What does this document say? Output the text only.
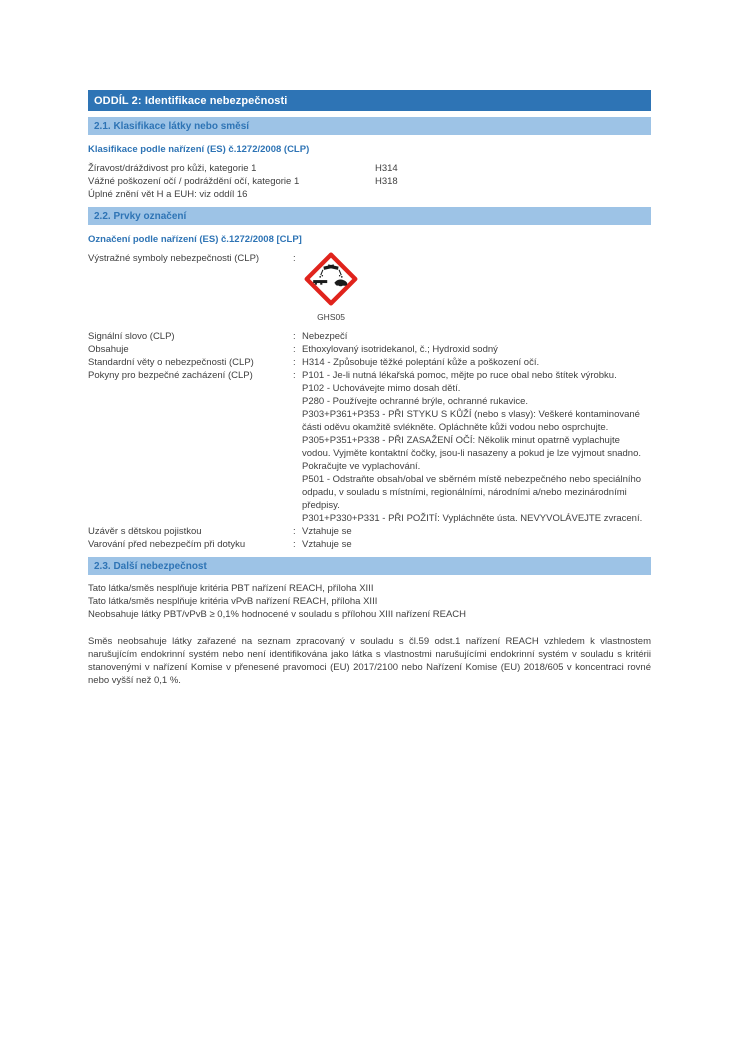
ODDÍL 2: Identifikace nebezpečnosti
2.1. Klasifikace látky nebo směsí
Klasifikace podle nařízení (ES) č.1272/2008 (CLP)
Žíravost/dráždivost pro kůži, kategorie 1	H314
Vážné poškození očí / podráždění očí, kategorie 1	H318
Úplné znění vět H a EUH: viz oddíl 16
2.2. Prvky označení
Označení podle nařízení (ES) č.1272/2008 [CLP]
Výstražné symboly nebezpečnosti (CLP)	:
GHS05
Signální slovo (CLP)	: Nebezpečí
Obsahuje	: Ethoxylovaný isotridekanol, č.; Hydroxid sodný
Standardní věty o nebezpečnosti (CLP)	: H314 - Způsobuje těžké poleptání kůže a poškození očí.
Pokyny pro bezpečné zacházení (CLP)	: P101 - Je-li nutná lékařská pomoc, mějte po ruce obal nebo štítek výrobku.
P102 - Uchovávejte mimo dosah dětí.
P280 - Používejte ochranné brýle, ochranné rukavice.
P303+P361+P353 - PŘI STYKU S KŮŽÍ (nebo s vlasy): Veškeré kontaminované části oděvu okamžitě svlékněte. Opláchněte kůži vodou nebo osprchujte.
P305+P351+P338 - PŘI ZASAŽENÍ OČÍ: Několik minut opatrně vyplachujte vodou. Vyjměte kontaktní čočky, jsou-li nasazeny a pokud je lze vyjmout snadno. Pokračujte ve vyplachování.
P501 - Odstraňte obsah/obal ve sběrném místě nebezpečného nebo speciálního odpadu, v souladu s místními, regionálními, národními a/nebo mezinárodními předpisy.
P301+P330+P331 - PŘI POŽITÍ: Vypláchněte ústa. NEVYVOLÁVEJTE zvracení.
Uzávěr s dětskou pojistkou	: Vztahuje se
Varování před nebezpečím při dotyku	: Vztahuje se
2.3. Další nebezpečnost
Tato látka/směs nesplňuje kritéria PBT nařízení REACH, příloha XIII
Tato látka/směs nesplňuje kritéria vPvB nařízení REACH, příloha XIII
Neobsahuje látky PBT/vPvB ≥ 0,1% hodnocené v souladu s přílohou XIII nařízení REACH
Směs neobsahuje látky zařazené na seznam zpracovaný v souladu s čl.59 odst.1 nařízení REACH vzhledem k vlastnostem narušujícím endokrinní systém nebo není identifikována jako látka s vlastnostmi narušujícími endokrinní systém v souladu s kritérii stanovenými v nařízení Komise v přenesené pravomoci (EU) 2017/2100 nebo Nařízení Komise (EU) 2018/605 v koncentraci rovné nebo vyšší než 0,1 %.
